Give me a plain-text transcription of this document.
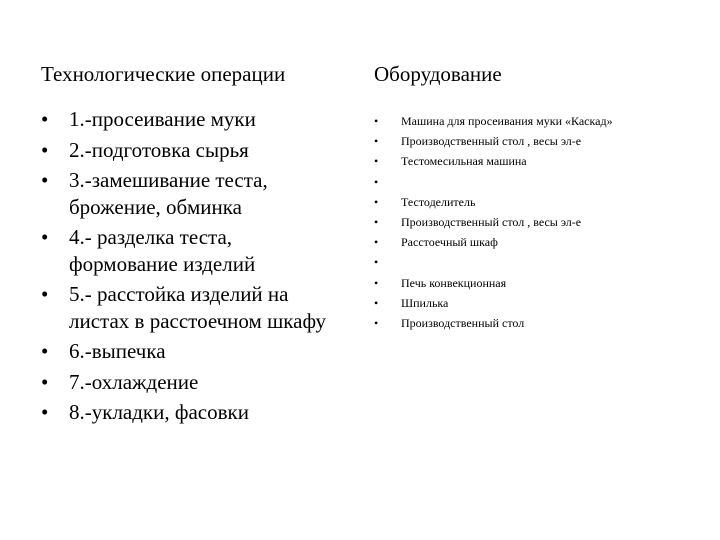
Технологические операции	Оборудование
• 1.-просеивание муки
• 2.-подготовка сырья
• 3.-замешивание теста, брожение, обминка
• 4.- разделка теста, формование изделий
• 5.- расстойка изделий на листах в расстоечном шкафу
• 6.-выпечка
• 7.-охлаждение
• 8.-укладки, фасовки
• Машина для просеивания муки «Каскад»
• Производственный стол , весы эл-е
• Тестомесильная машина
•
• Тестоделитель
• Производственный стол , весы эл-е
• Расстоечный шкаф
•
• Печь конвекционная
• Шпилька
• Производственный стол
